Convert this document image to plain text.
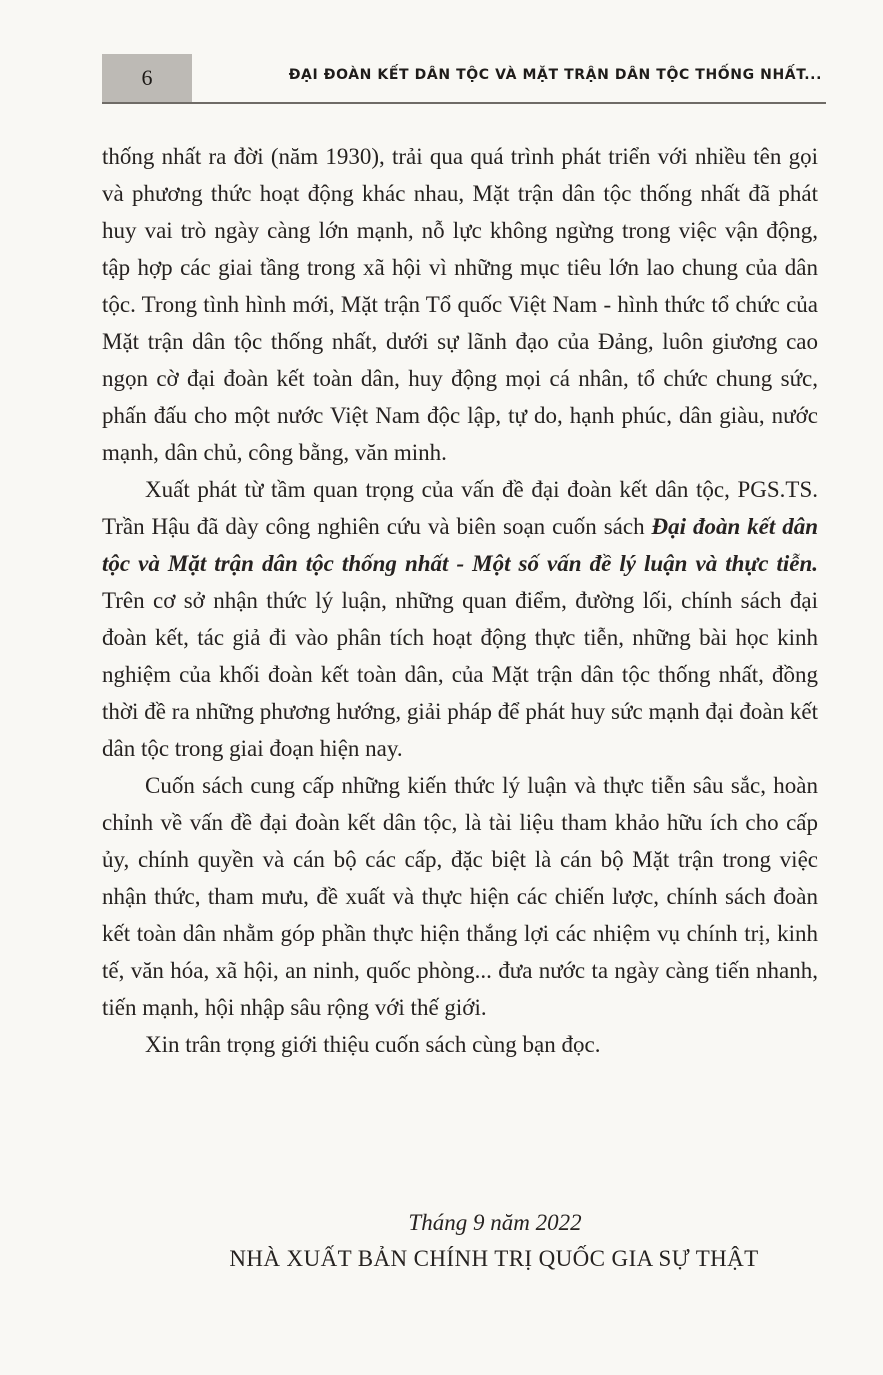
6	ĐẠI ĐOÀN KẾT DÂN TỘC VÀ MẶT TRẬN DÂN TỘC THỐNG NHẤT...

thống nhất ra đời (năm 1930), trải qua quá trình phát triển với nhiều tên gọi và phương thức hoạt động khác nhau, Mặt trận dân tộc thống nhất đã phát huy vai trò ngày càng lớn mạnh, nỗ lực không ngừng trong việc vận động, tập hợp các giai tầng trong xã hội vì những mục tiêu lớn lao chung của dân tộc. Trong tình hình mới, Mặt trận Tổ quốc Việt Nam - hình thức tổ chức của Mặt trận dân tộc thống nhất, dưới sự lãnh đạo của Đảng, luôn giương cao ngọn cờ đại đoàn kết toàn dân, huy động mọi cá nhân, tổ chức chung sức, phấn đấu cho một nước Việt Nam độc lập, tự do, hạnh phúc, dân giàu, nước mạnh, dân chủ, công bằng, văn minh.

Xuất phát từ tầm quan trọng của vấn đề đại đoàn kết dân tộc, PGS.TS. Trần Hậu đã dày công nghiên cứu và biên soạn cuốn sách Đại đoàn kết dân tộc và Mặt trận dân tộc thống nhất - Một số vấn đề lý luận và thực tiễn. Trên cơ sở nhận thức lý luận, những quan điểm, đường lối, chính sách đại đoàn kết, tác giả đi vào phân tích hoạt động thực tiễn, những bài học kinh nghiệm của khối đoàn kết toàn dân, của Mặt trận dân tộc thống nhất, đồng thời đề ra những phương hướng, giải pháp để phát huy sức mạnh đại đoàn kết dân tộc trong giai đoạn hiện nay.

Cuốn sách cung cấp những kiến thức lý luận và thực tiễn sâu sắc, hoàn chỉnh về vấn đề đại đoàn kết dân tộc, là tài liệu tham khảo hữu ích cho cấp ủy, chính quyền và cán bộ các cấp, đặc biệt là cán bộ Mặt trận trong việc nhận thức, tham mưu, đề xuất và thực hiện các chiến lược, chính sách đoàn kết toàn dân nhằm góp phần thực hiện thắng lợi các nhiệm vụ chính trị, kinh tế, văn hóa, xã hội, an ninh, quốc phòng... đưa nước ta ngày càng tiến nhanh, tiến mạnh, hội nhập sâu rộng với thế giới.

Xin trân trọng giới thiệu cuốn sách cùng bạn đọc.

Tháng 9 năm 2022
NHÀ XUẤT BẢN CHÍNH TRỊ QUỐC GIA SỰ THẬT
